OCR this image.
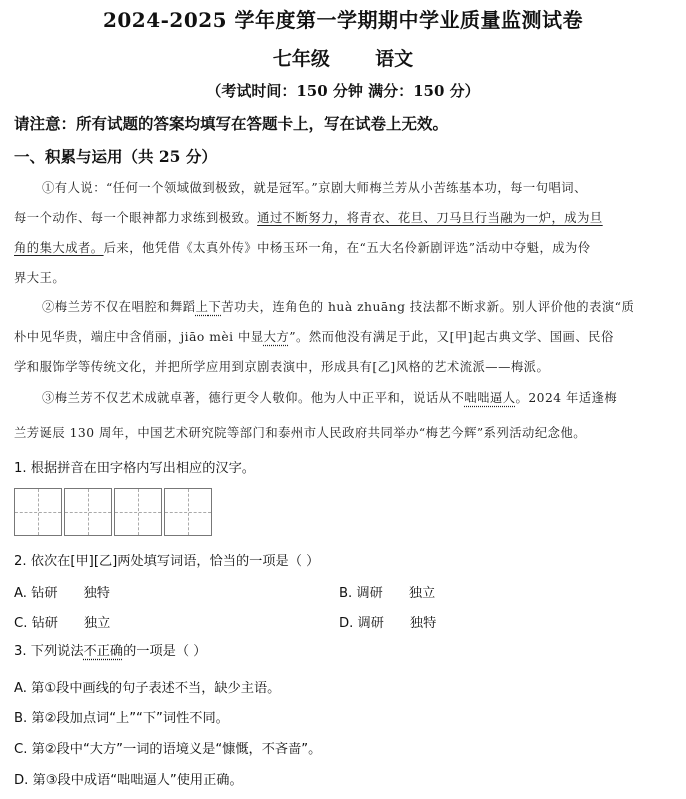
2024-2025 学年度第一学期期中学业质量监测试卷
七年级 语文
（考试时间：150 分钟 满分：150 分）
请注意：所有试题的答案均填写在答题卡上，写在试卷上无效。
一、积累与运用（共 25 分）
①有人说：“任何一个领域做到极致，就是冠军。”京剧大师梅兰芳从小苦练基本功，每一句唱词、
每一个动作、每一个眼神都力求练到极致。通过不断努力，将青衣、花旦、刀马旦行当融为一炉，成为旦
角的集大成者。后来，他凭借《太真外传》中杨玉环一角，在“五大名伶新剧评选”活动中夺魁，成为伶
界大王。
②梅兰芳不仅在唱腔和舞蹈上下苦功夫，连角色的 huà zhuāng 技法都不断求新。别人评价他的表演“质
朴中见华贵，端庄中含俏丽，jiāo mèi 中显大方”。然而他没有满足于此，又[甲]起古典文学、国画、民俗
学和服饰学等传统文化，并把所学应用到京剧表演中，形成具有[乙]风格的艺术流派——梅派。
③梅兰芳不仅艺术成就卓著，德行更令人敬仰。他为人中正平和，说话从不咄咄逼人。2024 年适逢梅
兰芳诞辰 130 周年，中国艺术研究院等部门和泰州市人民政府共同举办“梅艺今辉”系列活动纪念他。
1. 根据拼音在田字格内写出相应的汉字。
2. 依次在[甲][乙]两处填写词语，恰当的一项是（ ）
A. 钻研 独特	B. 调研 独立
C. 钻研 独立	D. 调研 独特
3. 下列说法不正确的一项是（ ）
A. 第①段中画线的句子表述不当，缺少主语。
B. 第②段加点词“上”“下”词性不同。
C. 第②段中“大方”一词的语境义是“慷慨，不吝啬”。
D. 第③段中成语“咄咄逼人”使用正确。
